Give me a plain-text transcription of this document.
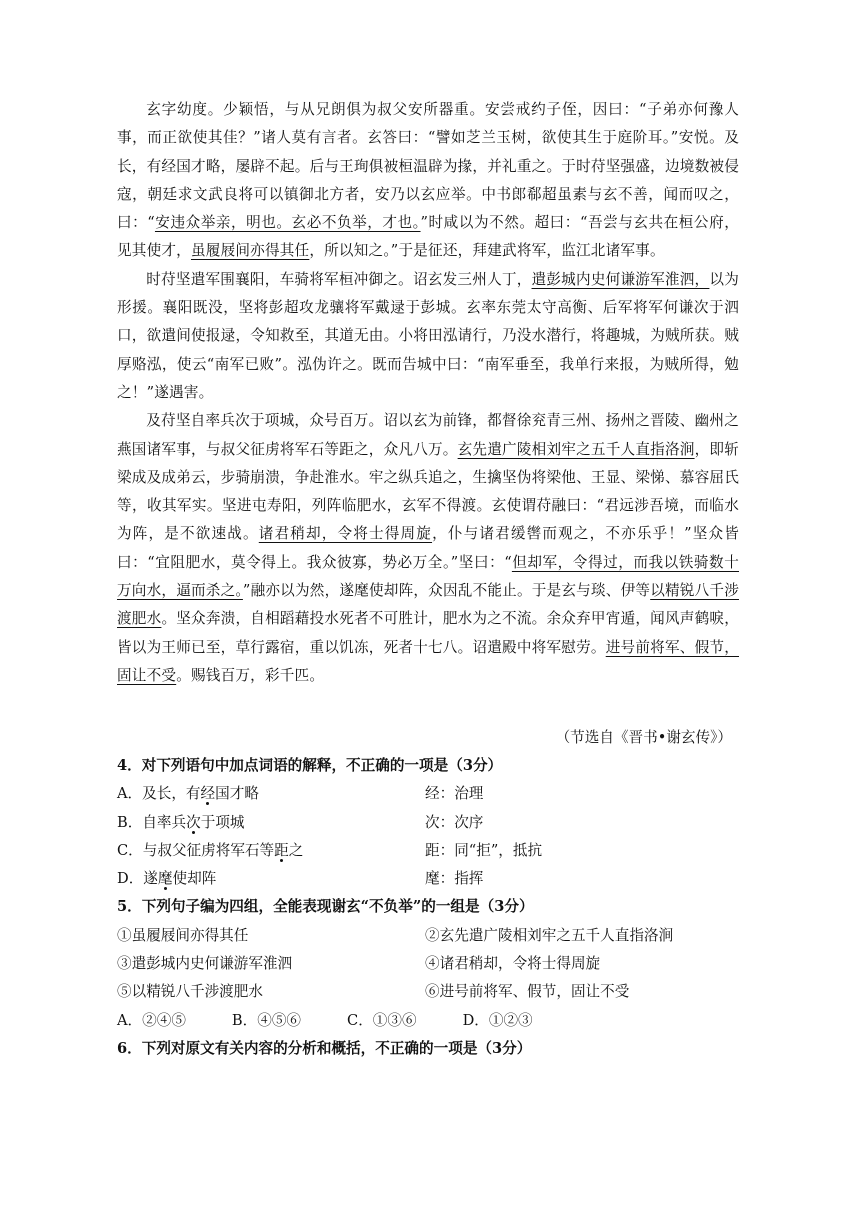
玄字幼度。少颖悟，与从兄朗俱为叔父安所器重。安尝戒约子侄，因曰：“子弟亦何豫人事，而正欲使其佳？”诸人莫有言者。玄答曰：“譬如芝兰玉树，欲使其生于庭阶耳。”安悦。及长，有经国才略，屡辟不起。后与王珣俱被桓温辟为掾，并礼重之。于时苻坚强盛，边境数被侵寇，朝廷求文武良将可以镇御北方者，安乃以玄应举。中书郎郗超虽素与玄不善，闻而叹之，曰：“安违众举亲，明也。玄必不负举，才也。”时咸以为不然。超曰：“吾尝与玄共在桓公府，见其使才，虽履屐间亦得其任，所以知之。”于是征还，拜建武将军，监江北诸军事。

时苻坚遣军围襄阳，车骑将军桓冲御之。诏玄发三州人丁，遣彭城内史何谦游军淮泗，以为形援。襄阳既没，坚将彭超攻龙骧将军戴逯于彭城。玄率东莞太守高衡、后军将军何谦次于泗口，欲遣间使报逯，令知救至，其道无由。小将田泓请行，乃没水潜行，将趣城，为贼所获。贼厚赂泓，使云“南军已败”。泓伪许之。既而告城中曰：“南军垂至，我单行来报，为贼所得，勉之！”遂遇害。

及苻坚自率兵次于项城，众号百万。诏以玄为前锋，都督徐兖青三州、扬州之晋陵、幽州之燕国诸军事，与叔父征虏将军石等距之，众凡八万。玄先遣广陵相刘牢之五千人直指洛涧，即斩梁成及成弟云，步骑崩溃，争赴淮水。牢之纵兵追之，生擒坚伪将梁他、王显、梁悌、慕容屈氏等，收其军实。坚进屯寿阳，列阵临肥水，玄军不得渡。玄使谓苻融曰：“君远涉吾境，而临水为阵，是不欲速战。诸君稍却，令将士得周旋，仆与诸君缓辔而观之，不亦乐乎！”坚众皆曰：“宜阻肥水，莫令得上。我众彼寡，势必万全。”坚曰：“但却军，令得过，而我以铁骑数十万向水，逼而杀之。”融亦以为然，遂麾使却阵，众因乱不能止。于是玄与琰、伊等以精锐八千涉渡肥水。坚众奔溃，自相蹈藉投水死者不可胜计，肥水为之不流。余众弃甲宵遁，闻风声鹤唳，皆以为王师已至，草行露宿，重以饥冻，死者十七八。诏遣殿中将军慰劳。进号前将军、假节，固让不受。赐钱百万，彩千匹。

（节选自《晋书•谢玄传》）

4．对下列语句中加点词语的解释，不正确的一项是（3分）

A．及长，有经国才略	经：治理
B．自率兵次于项城	次：次序
C．与叔父征虏将军石等距之	距：同“拒”，抵抗
D．遂麾使却阵	麾：指挥

5．下列句子编为四组，全能表现谢玄“不负举”的一组是（3分）

①虽履屐间亦得其任	②玄先遣广陵相刘牢之五千人直指洛涧
③遣彭城内史何谦游军淮泗	④诸君稍却，令将士得周旋
⑤以精锐八千涉渡肥水	⑥进号前将军、假节，固让不受
A．②④⑤	B．④⑤⑥	C．①③⑥	D．①②③

6．下列对原文有关内容的分析和概括，不正确的一项是（3分）
